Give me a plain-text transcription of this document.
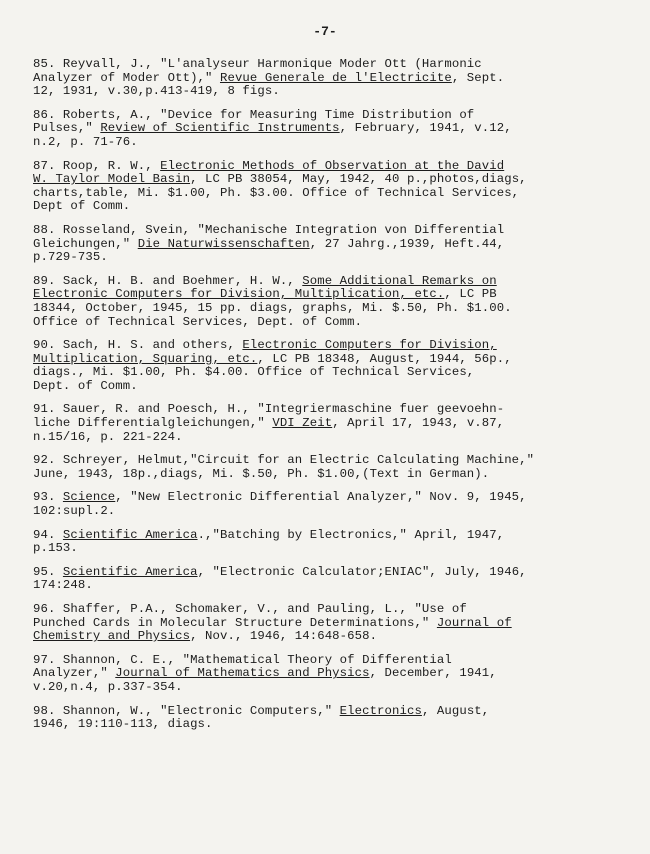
-7-
85. Reyvall, J., "L'analyseur Harmonique Moder Ott (Harmonic
Analyzer of Moder Ott)," Revue Generale de l'Electricite, Sept.
12, 1931, v.30,p.413-419, 8 figs.
86. Roberts, A., "Device for Measuring Time Distribution of
Pulses," Review of Scientific Instruments, February, 1941, v.12,
n.2, p. 71-76.
87. Roop, R. W., Electronic Methods of Observation at the David
W. Taylor Model Basin, LC PB 38054, May, 1942, 40 p.,photos,diags,
charts,table, Mi. $1.00, Ph. $3.00. Office of Technical Services,
Dept of Comm.
88. Rosseland, Svein, "Mechanische Integration von Differential
Gleichungen," Die Naturwissenschaften, 27 Jahrg.,1939, Heft.44,
p.729-735.
89. Sack, H. B. and Boehmer, H. W., Some Additional Remarks on
Electronic Computers for Division, Multiplication, etc., LC PB
18344, October, 1945, 15 pp. diags, graphs, Mi. $.50, Ph. $1.00.
Office of Technical Services, Dept. of Comm.
90. Sach, H. S. and others, Electronic Computers for Division,
Multiplication, Squaring, etc., LC PB 18348, August, 1944, 56p.,
diags., Mi. $1.00, Ph. $4.00. Office of Technical Services,
Dept. of Comm.
91. Sauer, R. and Poesch, H., "Integriermaschine fuer geevoehn-
liche Differentialgleichungen," VDI Zeit, April 17, 1943, v.87,
n.15/16, p. 221-224.
92. Schreyer, Helmut,"Circuit for an Electric Calculating Machine,"
June, 1943, 18p.,diags, Mi. $.50, Ph. $1.00,(Text in German).
93. Science, "New Electronic Differential Analyzer," Nov. 9, 1945,
102:supl.2.
94. Scientific America.,"Batching by Electronics," April, 1947,
p.153.
95. Scientific America, "Electronic Calculator;ENIAC", July, 1946,
174:248.
96. Shaffer, P.A., Schomaker, V., and Pauling, L., "Use of
Punched Cards in Molecular Structure Determinations," Journal of
Chemistry and Physics, Nov., 1946, 14:648-658.
97. Shannon, C. E., "Mathematical Theory of Differential
Analyzer," Journal of Mathematics and Physics, December, 1941,
v.20,n.4, p.337-354.
98. Shannon, W., "Electronic Computers," Electronics, August,
1946, 19:110-113, diags.
